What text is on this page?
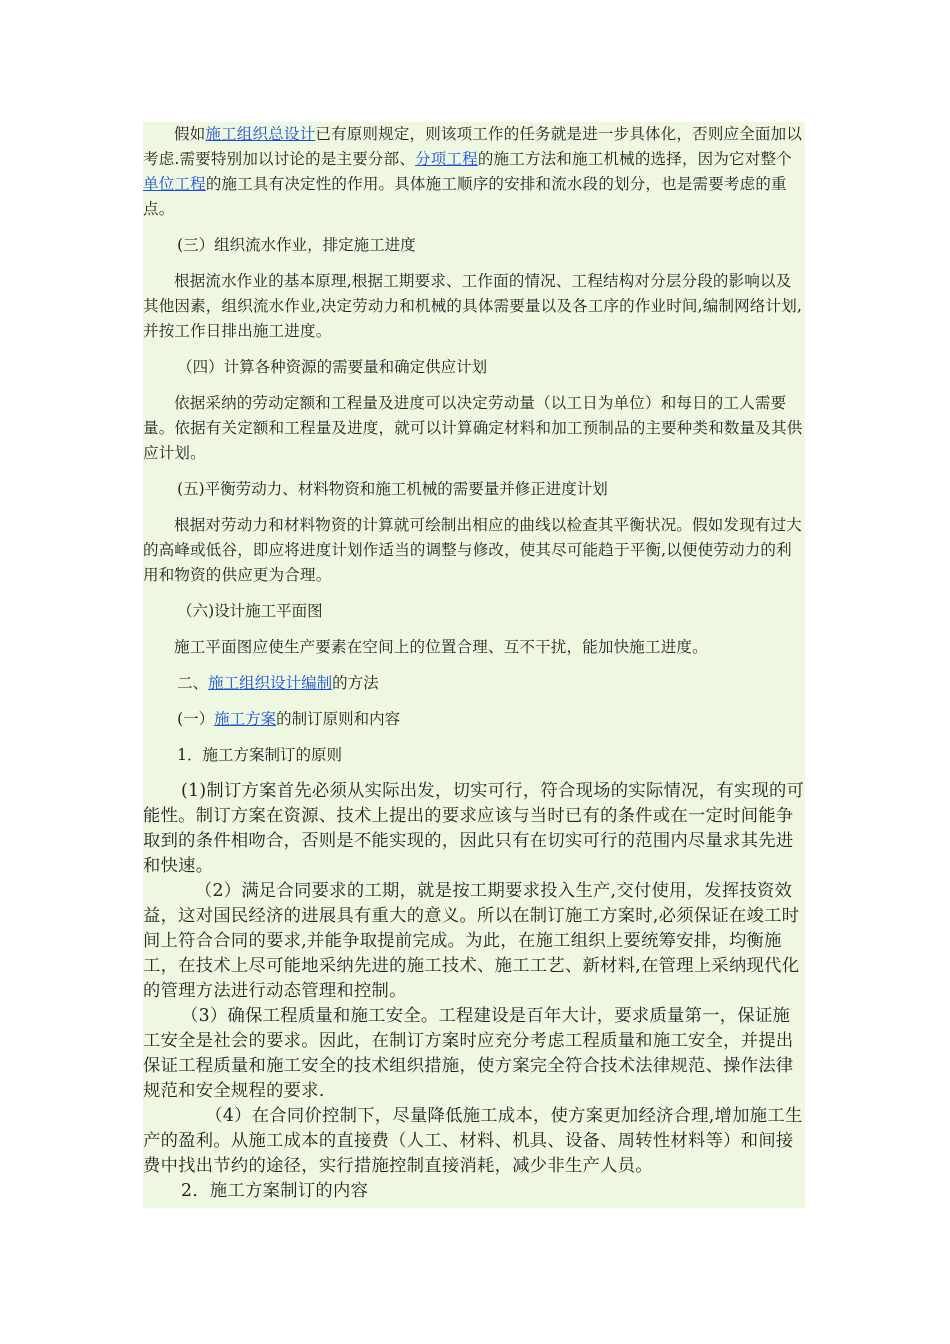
假如施工组织总设计已有原则规定，则该项工作的任务就是进一步具体化，否则应全面加以考虑.需要特别加以讨论的是主要分部、分项工程的施工方法和施工机械的选择，因为它对整个单位工程的施工具有决定性的作用。具体施工顺序的安排和流水段的划分，也是需要考虑的重点。

(三）组织流水作业，排定施工进度

根据流水作业的基本原理,根据工期要求、工作面的情况、工程结构对分层分段的影响以及其他因素，组织流水作业,决定劳动力和机械的具体需要量以及各工序的作业时间,编制网络计划,并按工作日排出施工进度。

（四）计算各种资源的需要量和确定供应计划

依据采纳的劳动定额和工程量及进度可以决定劳动量（以工日为单位）和每日的工人需要量。依据有关定额和工程量及进度，就可以计算确定材料和加工预制品的主要种类和数量及其供应计划。

(五)平衡劳动力、材料物资和施工机械的需要量并修正进度计划

根据对劳动力和材料物资的计算就可绘制出相应的曲线以检查其平衡状况。假如发现有过大的高峰或低谷，即应将进度计划作适当的调整与修改，使其尽可能趋于平衡,以便使劳动力的利用和物资的供应更为合理。

（六)设计施工平面图

施工平面图应使生产要素在空间上的位置合理、互不干扰，能加快施工进度。

二、施工组织设计编制的方法

(一）施工方案的制订原则和内容

1．施工方案制订的原则

(1)制订方案首先必须从实际出发，切实可行，符合现场的实际情况，有实现的可能性。制订方案在资源、技术上提出的要求应该与当时已有的条件或在一定时间能争取到的条件相吻合，否则是不能实现的，因此只有在切实可行的范围内尽量求其先进和快速。

（2）满足合同要求的工期，就是按工期要求投入生产,交付使用，发挥技资效益，这对国民经济的进展具有重大的意义。所以在制订施工方案时,必须保证在竣工时间上符合合同的要求,并能争取提前完成。为此，在施工组织上要统筹安排，均衡施工，在技术上尽可能地采纳先进的施工技术、施工工艺、新材料,在管理上采纳现代化的管理方法进行动态管理和控制。

（3）确保工程质量和施工安全。工程建设是百年大计，要求质量第一，保证施工安全是社会的要求。因此，在制订方案时应充分考虑工程质量和施工安全，并提出保证工程质量和施工安全的技术组织措施，使方案完全符合技术法律规范、操作法律规范和安全规程的要求.

（4）在合同价控制下，尽量降低施工成本，使方案更加经济合理,增加施工生产的盈利。从施工成本的直接费（人工、材料、机具、设备、周转性材料等）和间接费中找出节约的途径，实行措施控制直接消耗，减少非生产人员。

2．施工方案制订的内容
